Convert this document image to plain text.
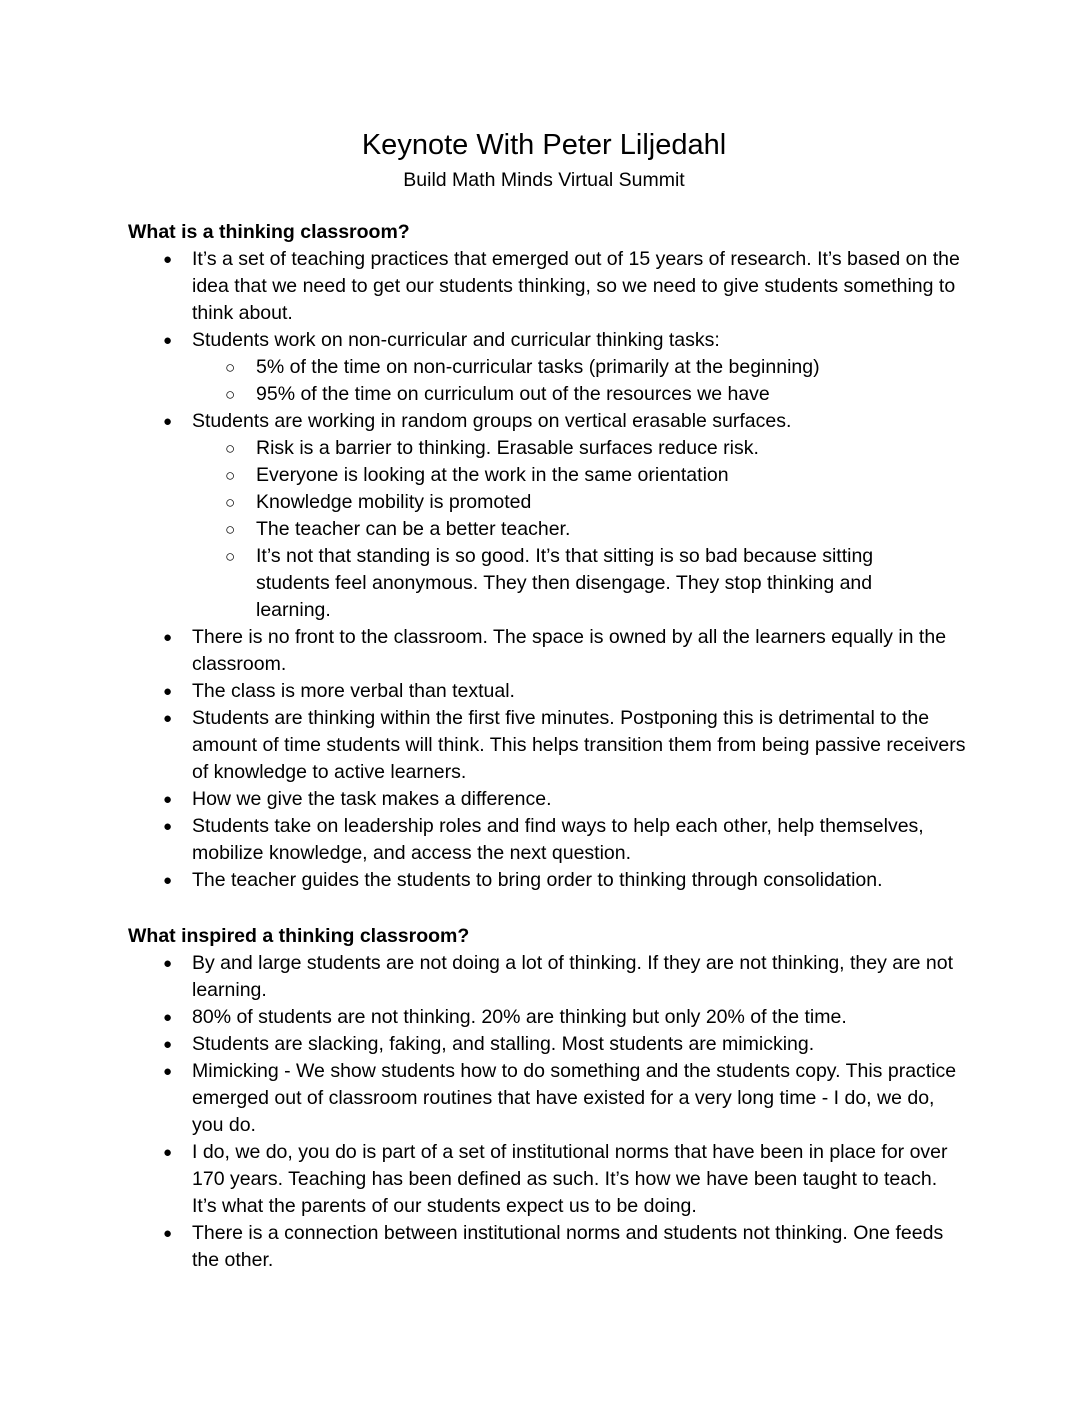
Keynote With Peter Liljedahl
Build Math Minds Virtual Summit

What is a thinking classroom?

● It’s a set of teaching practices that emerged out of 15 years of research. It’s based on the idea that we need to get our students thinking, so we need to give students something to think about.
● Students work on non-curricular and curricular thinking tasks:
○ 5% of the time on non-curricular tasks (primarily at the beginning)
○ 95% of the time on curriculum out of the resources we have
● Students are working in random groups on vertical erasable surfaces.
○ Risk is a barrier to thinking. Erasable surfaces reduce risk.
○ Everyone is looking at the work in the same orientation
○ Knowledge mobility is promoted
○ The teacher can be a better teacher.
○ It’s not that standing is so good. It’s that sitting is so bad because sitting students feel anonymous. They then disengage. They stop thinking and learning.
● There is no front to the classroom. The space is owned by all the learners equally in the classroom.
● The class is more verbal than textual.
● Students are thinking within the first five minutes. Postponing this is detrimental to the amount of time students will think. This helps transition them from being passive receivers of knowledge to active learners.
● How we give the task makes a difference.
● Students take on leadership roles and find ways to help each other, help themselves, mobilize knowledge, and access the next question.
● The teacher guides the students to bring order to thinking through consolidation.

What inspired a thinking classroom?

● By and large students are not doing a lot of thinking. If they are not thinking, they are not learning.
● 80% of students are not thinking. 20% are thinking but only 20% of the time.
● Students are slacking, faking, and stalling. Most students are mimicking.
● Mimicking - We show students how to do something and the students copy. This practice emerged out of classroom routines that have existed for a very long time - I do, we do, you do.
● I do, we do, you do is part of a set of institutional norms that have been in place for over 170 years. Teaching has been defined as such. It’s how we have been taught to teach. It’s what the parents of our students expect us to be doing.
● There is a connection between institutional norms and students not thinking. One feeds the other.
